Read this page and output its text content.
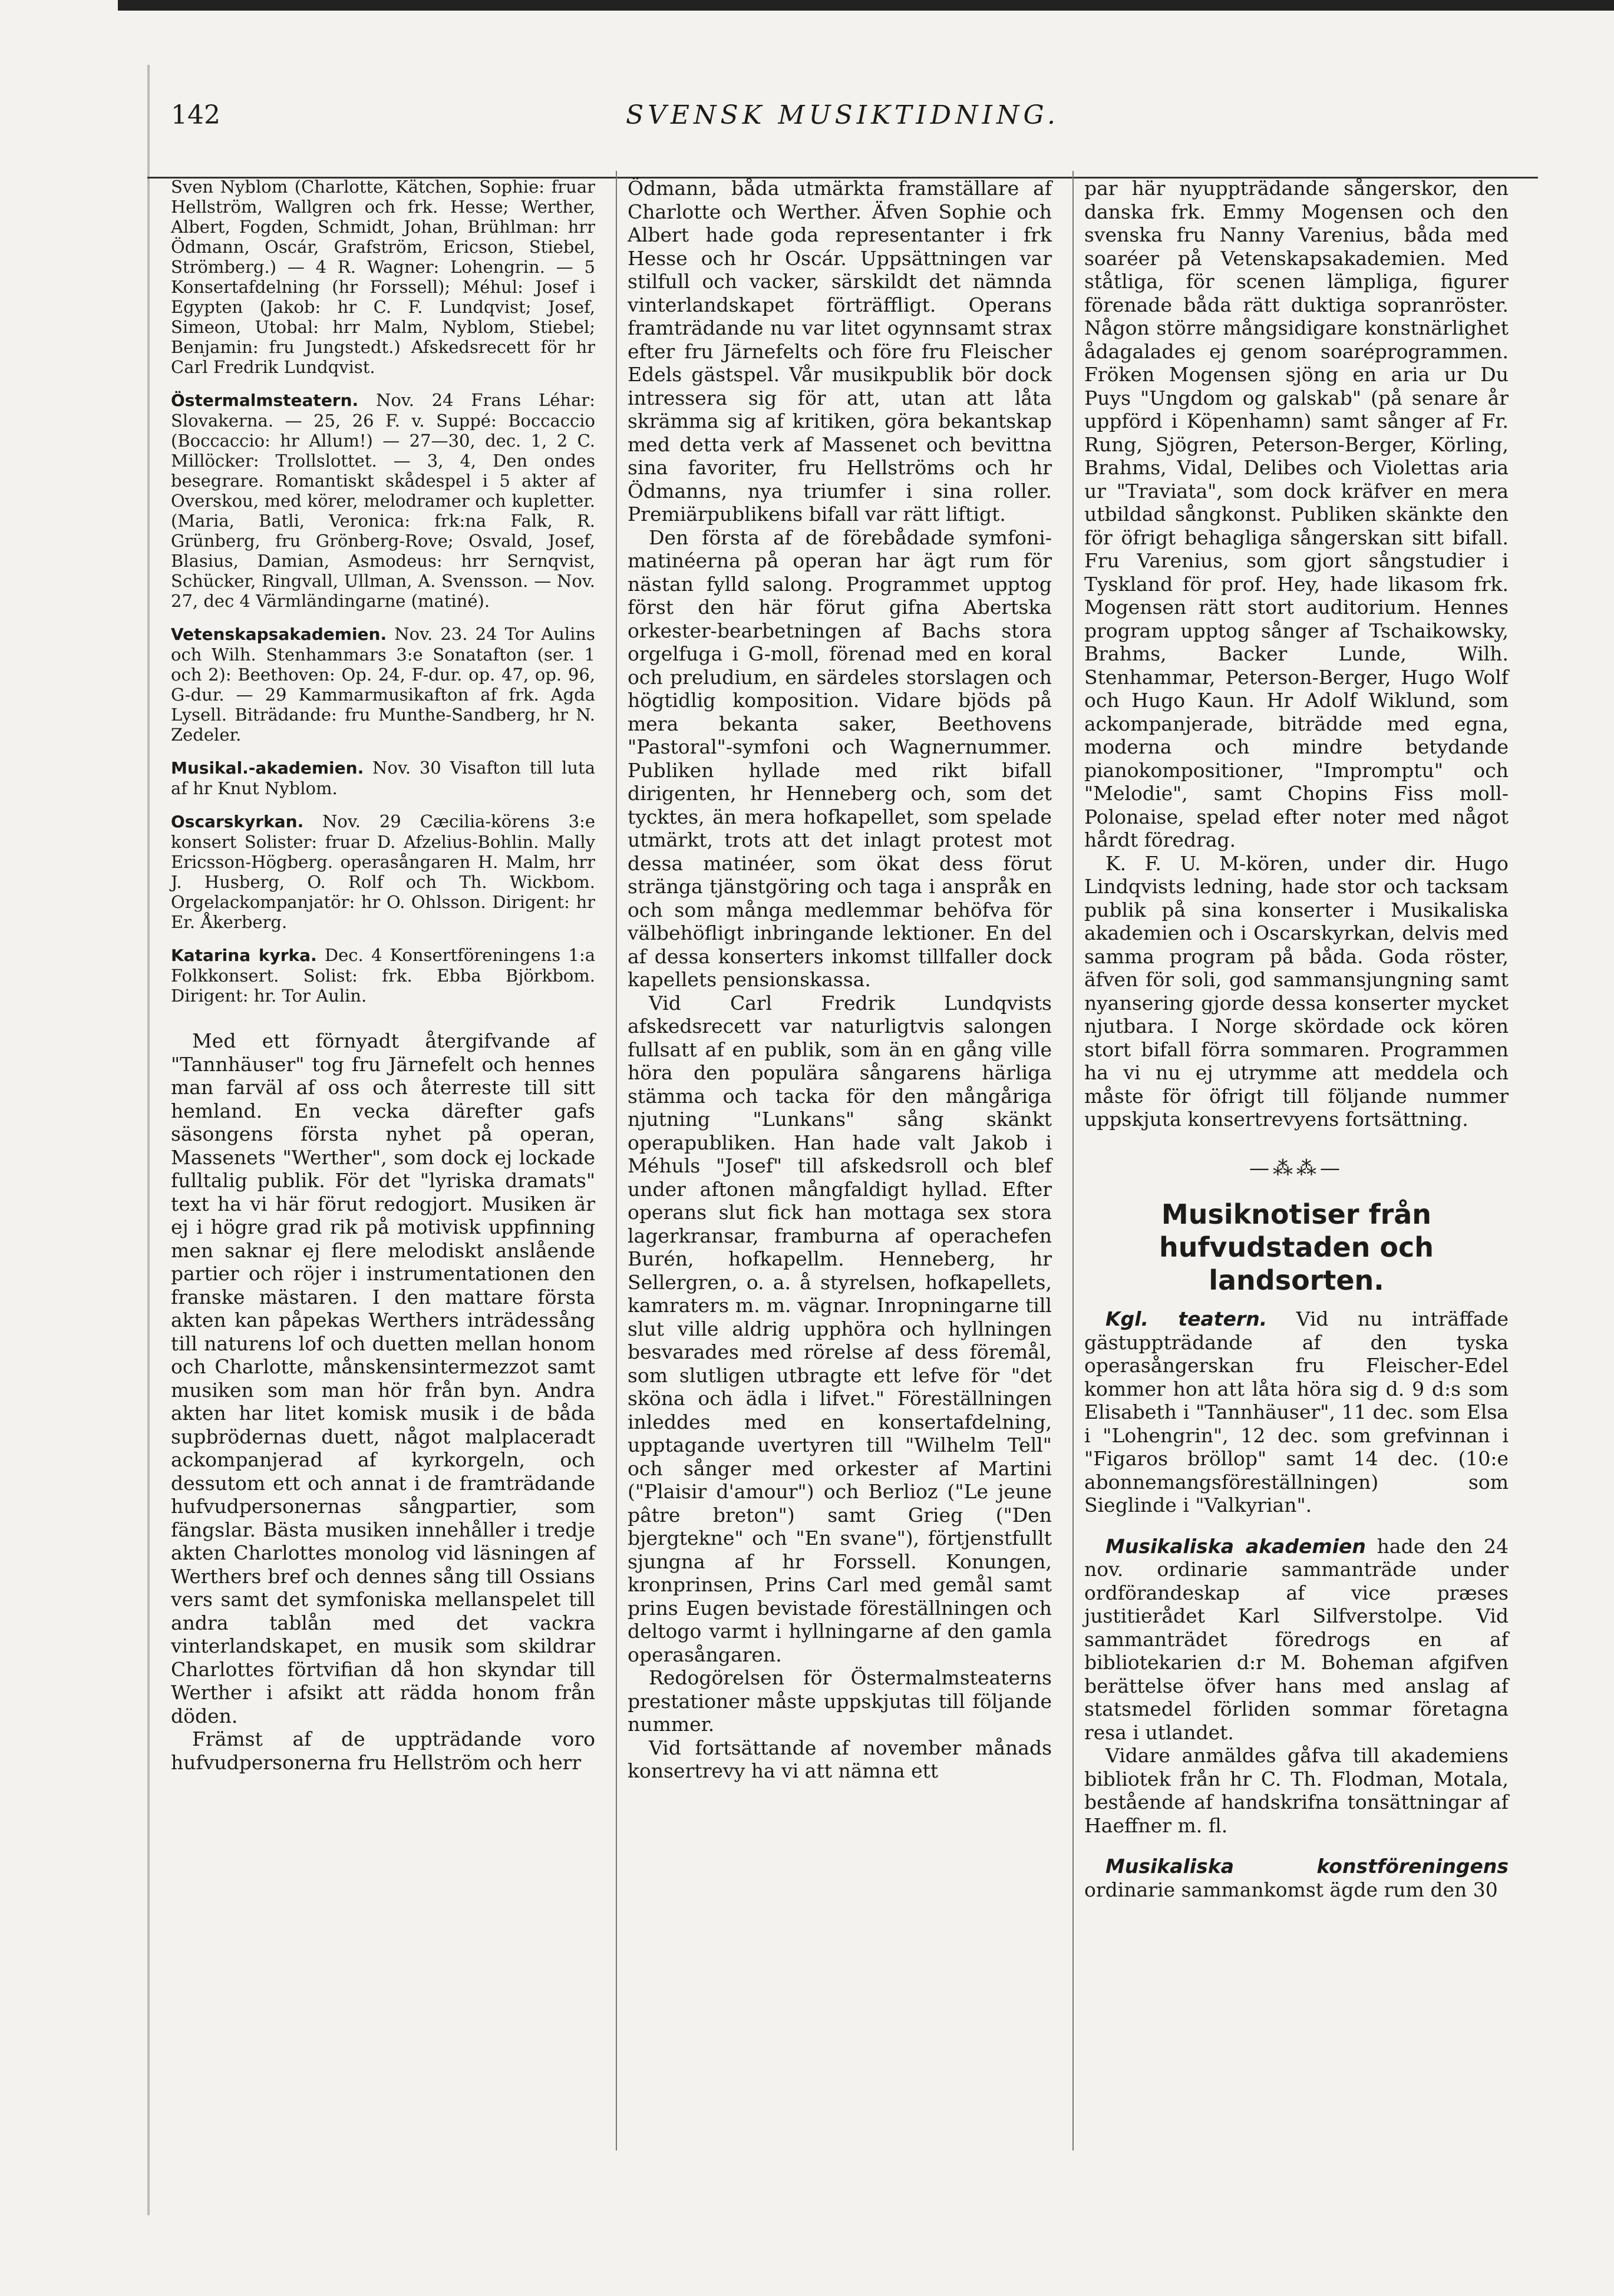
SVENSK MUSIKTIDNING.
142
Sven Nyblom (Charlotte, Kätchen, Sophie: fruar Hellström, Wallgren och frk. Hesse; Werther, Albert, Fogden, Schmidt, Johan, Brühlman: hrr Ödmann, Oscár, Grafström, Ericson, Stiebel, Strömberg.) — 4 R. Wagner: Lohengrin. — 5 Konsertafdelning (hr Forssell); Méhul: Josef i Egypten (Jakob: hr C. F. Lundqvist; Josef, Simeon, Utobal: hrr Malm, Nyblom, Stiebel; Benjamin: fru Jungstedt.) Afskedsrecett för hr Carl Fredrik Lundqvist.
Östermalmsteatern. Nov. 24 Frans Léhar: Slovakerna. — 25, 26 F. v. Suppé: Boccaccio (Boccaccio: hr Allum!) — 27—30, dec. 1, 2 C. Millöcker: Trollslottet. — 3, 4, Den ondes besegrare. Romantiskt skådespel i 5 akter af Overskou, med körer, melodramer och kupletter. (Maria, Batli, Veronica: frk:na Falk, R. Grünberg, fru Grönberg-Rove; Osvald, Josef, Blasius, Damian, Asmodeus: hrr Sernqvist, Schücker, Ringvall, Ullman, A. Svensson. — Nov. 27, dec 4 Värmländingarne (matiné).
Vetenskapsakademien. Nov. 23. 24 Tor Aulins och Wilh. Stenhammars 3:e Sonatafton (ser. 1 och 2): Beethoven: Op. 24, F-dur. op. 47, op. 96, G-dur. — 29 Kammarmusikafton af frk. Agda Lysell. Biträdande: fru Munthe-Sandberg, hr N. Zedeler.
Musikal.-akademien. Nov. 30 Visafton till luta af hr Knut Nyblom.
Oscarskyrkan. Nov. 29 Cæcilia-körens 3:e konsert Solister: fruar D. Afzelius-Bohlin. Mally Ericsson-Högberg. operasångaren H. Malm, hrr J. Husberg, O. Rolf och Th. Wickbom. Orgelackompanjatör: hr O. Ohlsson. Dirigent: hr Er. Åkerberg.
Katarina kyrka. Dec. 4 Konsertföreningens 1:a Folkkonsert. Solist: frk. Ebba Björkbom. Dirigent: hr. Tor Aulin.

Med ett förnyadt återgifvande af "Tannhäuser" tog fru Järnefelt och hennes man farväl af oss och återreste till sitt hemland. En vecka därefter gafs säsongens första nyhet på operan, Massenets "Werther", som dock ej lockade fulltalig publik. För det "lyriska dramats" text ha vi här förut redogjort. Musiken är ej i högre grad rik på motivisk uppfinning men saknar ej flere melodiskt anslående partier och röjer i instrumentationen den franske mästaren. I den mattare första akten kan påpekas Werthers inträdessång till naturens lof och duetten mellan honom och Charlotte, månskensintermezzot samt musiken som man hör från byn. Andra akten har litet komisk musik i de båda supbrödernas duett, något malplaceradt ackompanjerad af kyrkorgeln, och dessutom ett och annat i de framträdande hufvudpersonernas sångpartier, som fängslar. Bästa musiken innehåller i tredje akten Charlottes monolog vid läsningen af Werthers bref och dennes sång till Ossians vers samt det symfoniska mellanspelet till andra tablån med det vackra vinterlandskapet, en musik som skildrar Charlottes förtvifian då hon skyndar till Werther i afsikt att rädda honom från döden.

Främst af de uppträdande voro hufvudpersonerna fru Hellström och herr

Ödmann, båda utmärkta framställare af Charlotte och Werther. Äfven Sophie och Albert hade goda representanter i frk Hesse och hr Oscár. Uppsättningen var stilfull och vacker, särskildt det nämnda vinterlandskapet förträffligt. Operans framträdande nu var litet ogynnsamt strax efter fru Järnefelts och före fru Fleischer Edels gästspel. Vår musikpublik bör dock intressera sig för att, utan att låta skrämma sig af kritiken, göra bekantskap med detta verk af Massenet och bevittna sina favoriter, fru Hellströms och hr Ödmanns, nya triumfer i sina roller. Premiärpublikens bifall var rätt liftigt.

Den första af de förebådade symfoni-matinéerna på operan har ägt rum för nästan fylld salong. Programmet upptog först den här förut gifna Abertska orkester-bearbetningen af Bachs stora orgelfuga i G-moll, förenad med en koral och preludium, en särdeles storslagen och högtidlig komposition. Vidare bjöds på mera bekanta saker, Beethovens "Pastoral"-symfoni och Wagnernummer. Publiken hyllade med rikt bifall dirigenten, hr Henneberg och, som det tycktes, än mera hofkapellet, som spelade utmärkt, trots att det inlagt protest mot dessa matinéer, som ökat dess förut stränga tjänstgöring och taga i anspråk en och som många medlemmar behöfva för välbehöfligt inbringande lektioner. En del af dessa konserters inkomst tillfaller dock kapellets pensionskassa.

Vid Carl Fredrik Lundqvists afskedsrecett var naturligtvis salongen fullsatt af en publik, som än en gång ville höra den populära sångarens härliga stämma och tacka för den mångåriga njutning "Lunkans" sång skänkt operapubliken. Han hade valt Jakob i Méhuls "Josef" till afskedsroll och blef under aftonen mångfaldigt hyllad. Efter operans slut fick han mottaga sex stora lagerkransar, framburna af operachefen Burén, hofkapellm. Henneberg, hr Sellergren, o. a. å styrelsen, hofkapellets, kamraters m. m. vägnar. Inropningarne till slut ville aldrig upphöra och hyllningen besvarades med rörelse af dess föremål, som slutligen utbragte ett lefve för "det sköna och ädla i lifvet." Föreställningen inleddes med en konsertafdelning, upptagande uvertyren till "Wilhelm Tell" och sånger med orkester af Martini ("Plaisir d'amour") och Berlioz ("Le jeune pâtre breton") samt Grieg ("Den bjergtekne" och "En svane"), förtjenstfullt sjungna af hr Forssell. Konungen, kronprinsen, Prins Carl med gemål samt prins Eugen bevistade föreställningen och deltogo varmt i hyllningarne af den gamla operasångaren.

Redogörelsen för Östermalmsteaterns prestationer måste uppskjutas till följande nummer.

Vid fortsättande af november månads konsertrevy ha vi att nämna ett

par här nyuppträdande sångerskor, den danska frk. Emmy Mogensen och den svenska fru Nanny Varenius, båda med soaréer på Vetenskapsakademien. Med ståtliga, för scenen lämpliga, figurer förenade båda rätt duktiga sopranröster. Någon större mångsidigare konstnärlighet ådagalades ej genom soaréprogrammen. Fröken Mogensen sjöng en aria ur Du Puys "Ungdom og galskab" (på senare år uppförd i Köpenhamn) samt sånger af Fr. Rung, Sjögren, Peterson-Berger, Körling, Brahms, Vidal, Delibes och Violettas aria ur "Traviata", som dock kräfver en mera utbildad sångkonst. Publiken skänkte den för öfrigt behagliga sångerskan sitt bifall. Fru Varenius, som gjort sångstudier i Tyskland för prof. Hey, hade likasom frk. Mogensen rätt stort auditorium. Hennes program upptog sånger af Tschaikowsky, Brahms, Backer Lunde, Wilh. Stenhammar, Peterson-Berger, Hugo Wolf och Hugo Kaun. Hr Adolf Wiklund, som ackompanjerade, biträdde med egna, moderna och mindre betydande pianokompositioner, "Impromptu" och "Melodie", samt Chopins Fiss moll- Polonaise, spelad efter noter med något hårdt föredrag.

K. F. U. M-kören, under dir. Hugo Lindqvists ledning, hade stor och tacksam publik på sina konserter i Musikaliska akademien och i Oscarskyrkan, delvis med samma program på båda. Goda röster, äfven för soli, god sammansjungning samt nyansering gjorde dessa konserter mycket njutbara. I Norge skördade ock kören stort bifall förra sommaren. Programmen ha vi nu ej utrymme att meddela och måste för öfrigt till följande nummer uppskjuta konsertrevyens fortsättning.

—⁂⁂—
Musiknotiser från hufvudstaden och landsorten.

Kgl. teatern. Vid nu inträffade gästuppträdande af den tyska operasångerskan fru Fleischer-Edel kommer hon att låta höra sig d. 9 d:s som Elisabeth i "Tannhäuser", 11 dec. som Elsa i "Lohengrin", 12 dec. som grefvinnan i "Figaros bröllop" samt 14 dec. (10:e abonnemangsföreställningen) som Sieglinde i "Valkyrian".

Musikaliska akademien hade den 24 nov. ordinarie sammanträde under ordförandeskap af vice præses justitierådet Karl Silfverstolpe. Vid sammanträdet föredrogs en af bibliotekarien d:r M. Boheman afgifven berättelse öfver hans med anslag af statsmedel förliden sommar företagna resa i utlandet.

Vidare anmäldes gåfva till akademiens bibliotek från hr C. Th. Flodman, Motala, bestående af handskrifna tonsättningar af Haeffner m. fl.

Musikaliska konstföreningens ordinarie sammankomst ägde rum den 30
